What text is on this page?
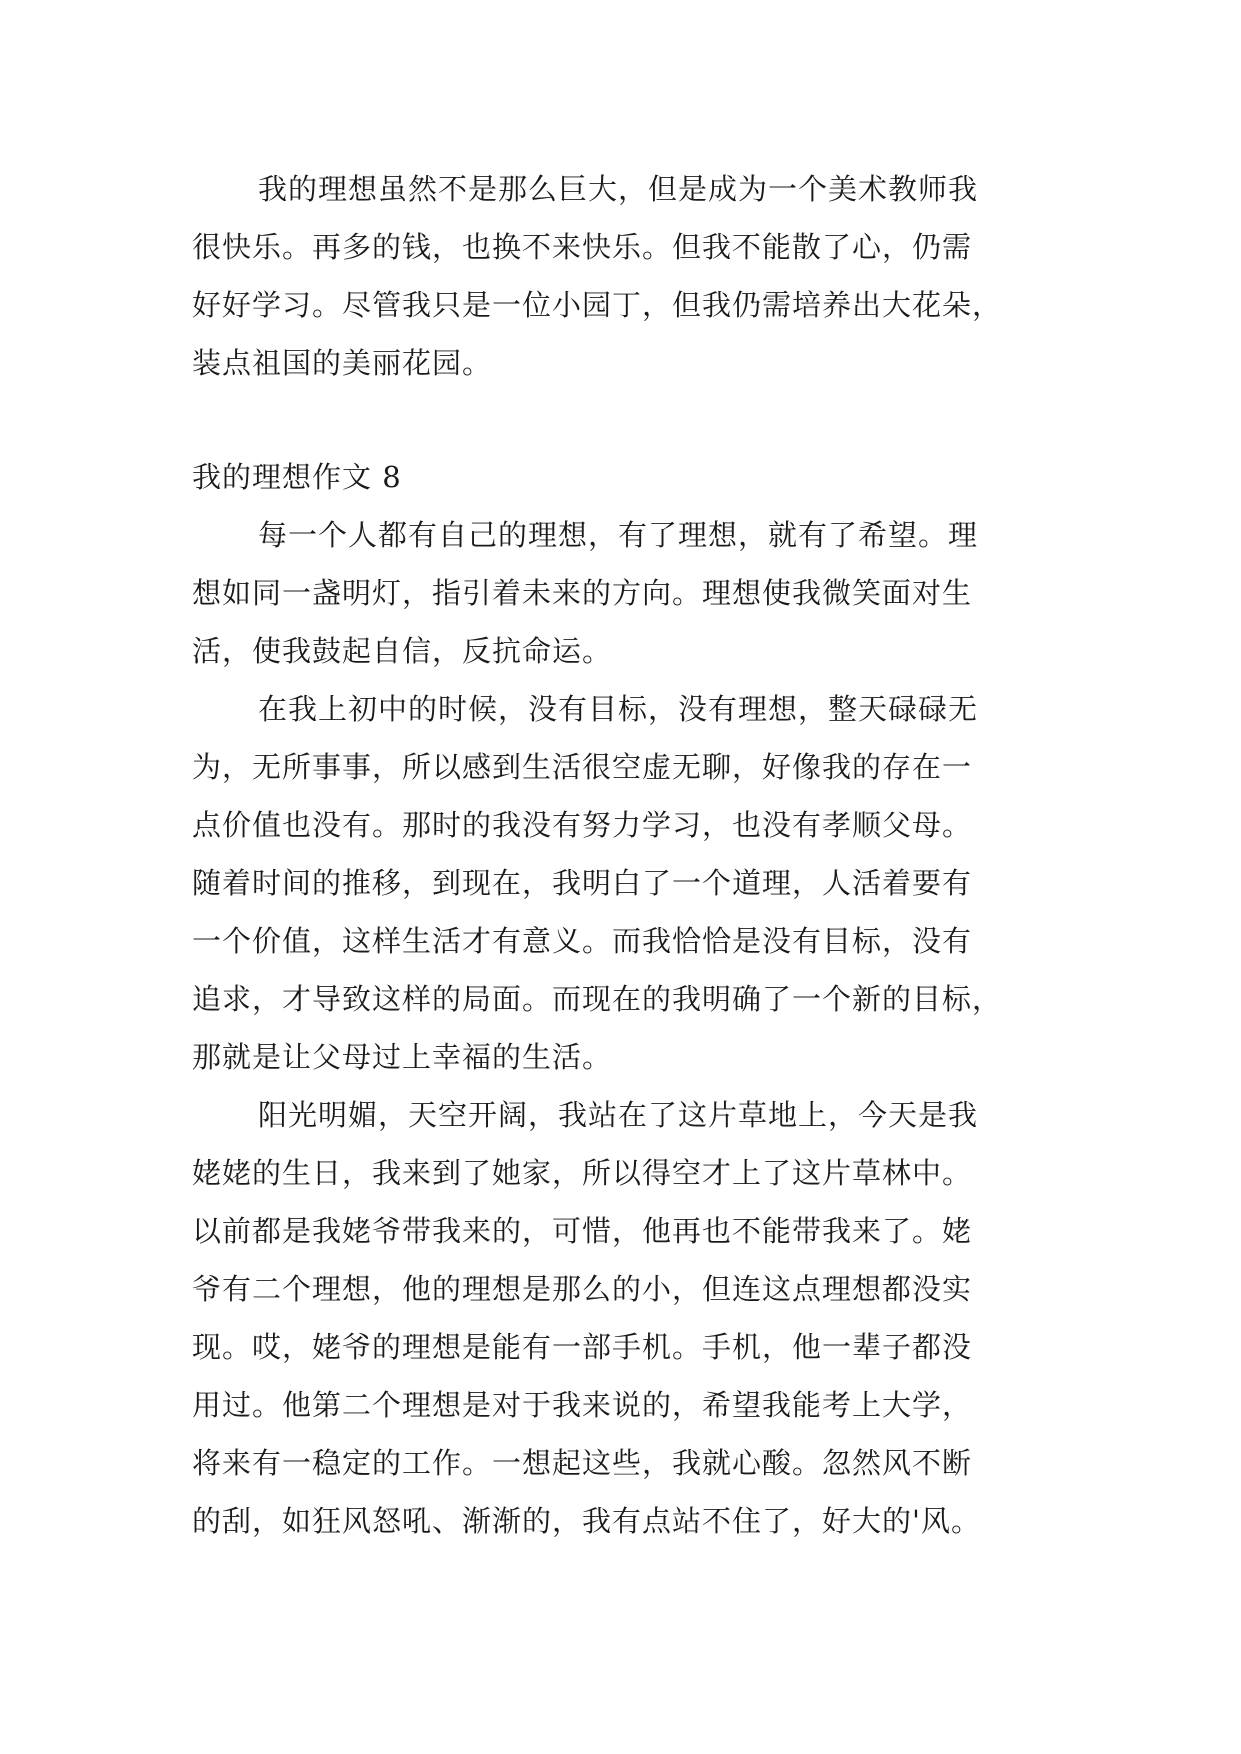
我的理想虽然不是那么巨大，但是成为一个美术教师我
很快乐。再多的钱，也换不来快乐。但我不能散了心，仍需
好好学习。尽管我只是一位小园丁，但我仍需培养出大花朵，
装点祖国的美丽花园。

我的理想作文 8

每一个人都有自己的理想，有了理想，就有了希望。理
想如同一盏明灯，指引着未来的方向。理想使我微笑面对生
活，使我鼓起自信，反抗命运。

在我上初中的时候，没有目标，没有理想，整天碌碌无
为，无所事事，所以感到生活很空虚无聊，好像我的存在一
点价值也没有。那时的我没有努力学习，也没有孝顺父母。
随着时间的推移，到现在，我明白了一个道理，人活着要有
一个价值，这样生活才有意义。而我恰恰是没有目标，没有
追求，才导致这样的局面。而现在的我明确了一个新的目标，
那就是让父母过上幸福的生活。

阳光明媚，天空开阔，我站在了这片草地上，今天是我
姥姥的生日，我来到了她家，所以得空才上了这片草林中。
以前都是我姥爷带我来的，可惜，他再也不能带我来了。姥
爷有二个理想，他的理想是那么的小，但连这点理想都没实
现。哎，姥爷的理想是能有一部手机。手机，他一辈子都没
用过。他第二个理想是对于我来说的，希望我能考上大学，
将来有一稳定的工作。一想起这些，我就心酸。忽然风不断
的刮，如狂风怒吼、渐渐的，我有点站不住了，好大的'风。
